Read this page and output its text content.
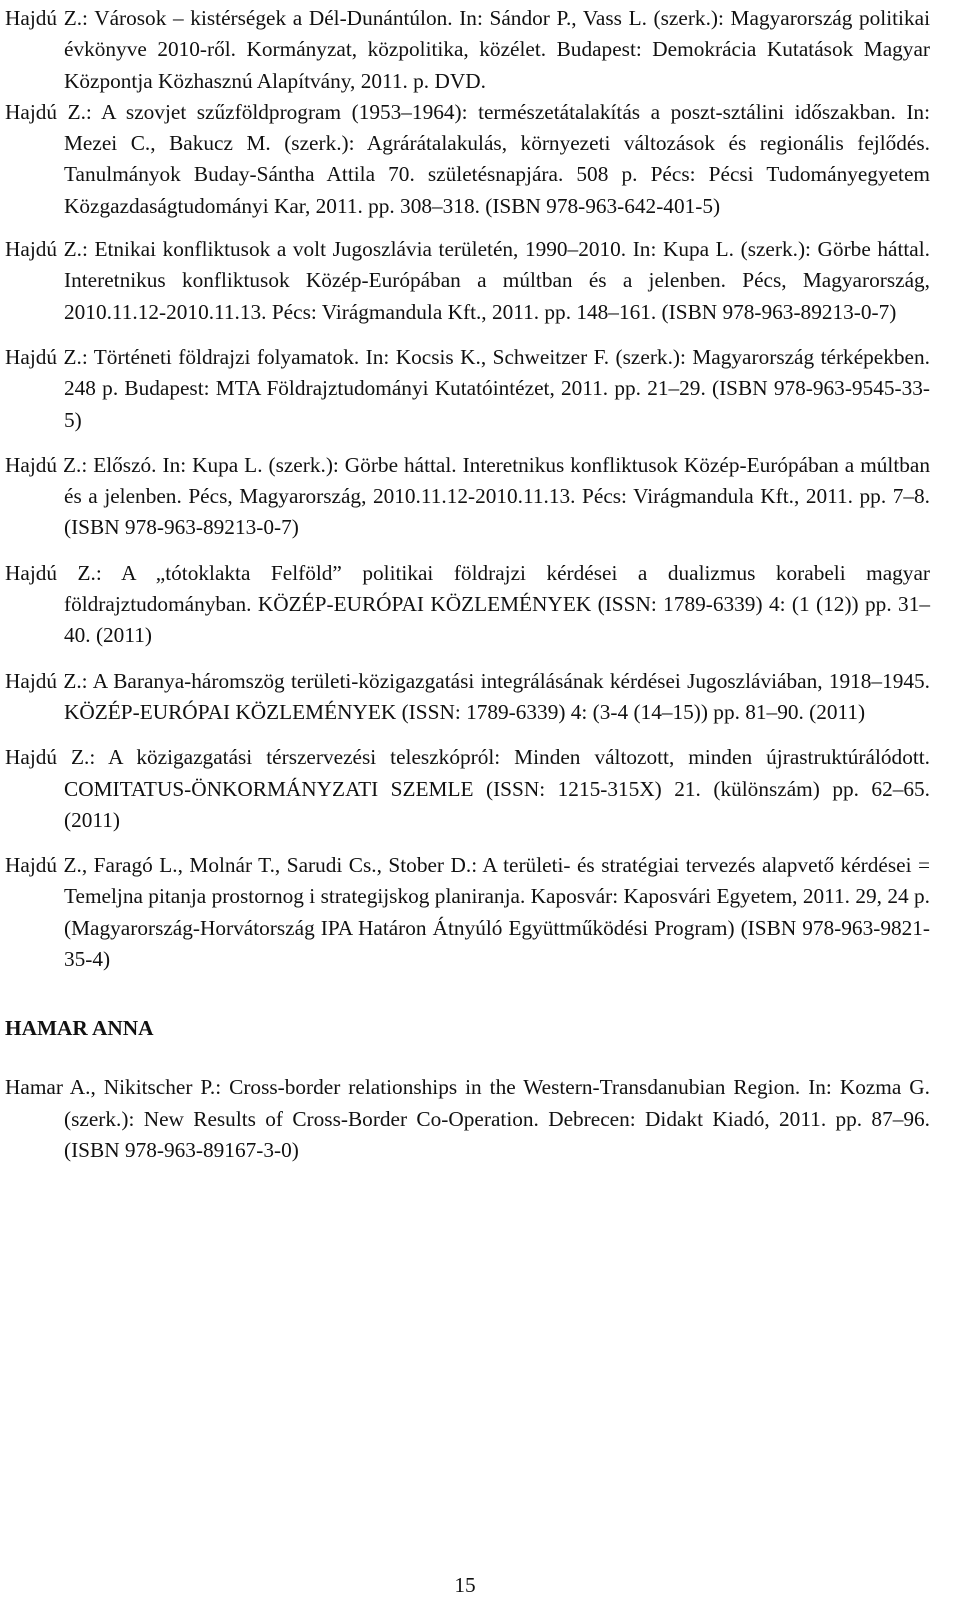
Hajdú Z.: Városok – kistérségek a Dél-Dunántúlon. In: Sándor P., Vass L. (szerk.): Magyarország politikai évkönyve 2010-ről. Kormányzat, közpolitika, közélet. Budapest: Demokrácia Kutatások Magyar Központja Közhasznú Alapítvány, 2011. p. DVD.

Hajdú Z.: A szovjet szűzföldprogram (1953–1964): természetátalakítás a poszt-sztálini időszakban. In: Mezei C., Bakucz M. (szerk.): Agrárátalakulás, környezeti változások és regionális fejlődés. Tanulmányok Buday-Sántha Attila 70. születésnapjára. 508 p. Pécs: Pécsi Tudományegyetem Közgazdaságtudományi Kar, 2011. pp. 308–318. (ISBN 978-963-642-401-5)

Hajdú Z.: Etnikai konfliktusok a volt Jugoszlávia területén, 1990–2010. In: Kupa L. (szerk.): Görbe háttal. Interetnikus konfliktusok Közép-Európában a múltban és a jelenben. Pécs, Magyarország, 2010.11.12-2010.11.13. Pécs: Virágmandula Kft., 2011. pp. 148–161. (ISBN 978-963-89213-0-7)

Hajdú Z.: Történeti földrajzi folyamatok. In: Kocsis K., Schweitzer F. (szerk.): Magyarország térképekben. 248 p. Budapest: MTA Földrajztudományi Kutatóintézet, 2011. pp. 21–29. (ISBN 978-963-9545-33-5)

Hajdú Z.: Előszó. In: Kupa L. (szerk.): Görbe háttal. Interetnikus konfliktusok Közép-Európában a múltban és a jelenben. Pécs, Magyarország, 2010.11.12-2010.11.13. Pécs: Virágmandula Kft., 2011. pp. 7–8. (ISBN 978-963-89213-0-7)

Hajdú Z.: A „tótoklakta Felföld” politikai földrajzi kérdései a dualizmus korabeli magyar földrajztudományban. KÖZÉP-EURÓPAI KÖZLEMÉNYEK (ISSN: 1789-6339) 4: (1 (12)) pp. 31–40. (2011)

Hajdú Z.: A Baranya-háromszög területi-közigazgatási integrálásának kérdései Jugoszláviában, 1918–1945. KÖZÉP-EURÓPAI KÖZLEMÉNYEK (ISSN: 1789-6339) 4: (3-4 (14–15)) pp. 81–90. (2011)

Hajdú Z.: A közigazgatási térszervezési teleszkópról: Minden változott, minden újrastruktúrálódott. COMITATUS-ÖNKORMÁNYZATI SZEMLE (ISSN: 1215-315X) 21. (különszám) pp. 62–65. (2011)

Hajdú Z., Faragó L., Molnár T., Sarudi Cs., Stober D.: A területi- és stratégiai tervezés alapvető kérdései = Temeljna pitanja prostornog i strategijskog planiranja. Kaposvár: Kaposvári Egyetem, 2011. 29, 24 p. (Magyarország-Horvátország IPA Határon Átnyúló Együttműködési Program) (ISBN 978-963-9821-35-4)

HAMAR ANNA

Hamar A., Nikitscher P.: Cross-border relationships in the Western-Transdanubian Region. In: Kozma G. (szerk.): New Results of Cross-Border Co-Operation. Debrecen: Didakt Kiadó, 2011. pp. 87–96. (ISBN 978-963-89167-3-0)

15
